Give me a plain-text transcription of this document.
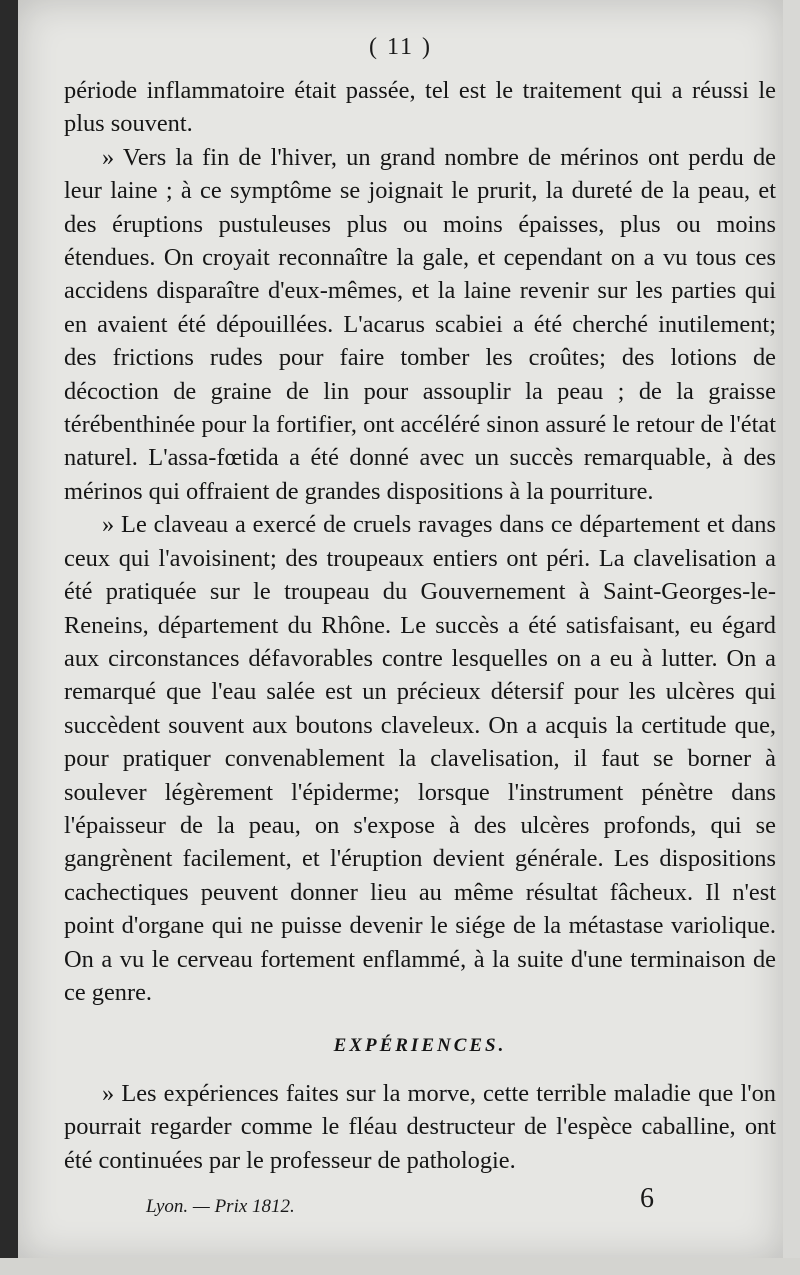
( 11 )

période inflammatoire était passée, tel est le traitement qui a réussi le plus souvent.

» Vers la fin de l'hiver, un grand nombre de mérinos ont perdu de leur laine ; à ce symptôme se joignait le prurit, la dureté de la peau, et des éruptions pustuleuses plus ou moins épaisses, plus ou moins étendues. On croyait reconnaître la gale, et cependant on a vu tous ces accidens disparaître d'eux-mêmes, et la laine revenir sur les parties qui en avaient été dépouillées. L'acarus scabiei a été cherché inutilement; des frictions rudes pour faire tomber les croûtes; des lotions de décoction de graine de lin pour assouplir la peau ; de la graisse térébenthinée pour la fortifier, ont accéléré sinon assuré le retour de l'état naturel. L'assa-fœtida a été donné avec un succès remarquable, à des mérinos qui offraient de grandes dispositions à la pourriture.

» Le claveau a exercé de cruels ravages dans ce département et dans ceux qui l'avoisinent; des troupeaux entiers ont péri. La clavelisation a été pratiquée sur le troupeau du Gouvernement à Saint-Georges-le-Reneins, département du Rhône. Le succès a été satisfaisant, eu égard aux circonstances défavorables contre lesquelles on a eu à lutter. On a remarqué que l'eau salée est un précieux détersif pour les ulcères qui succèdent souvent aux boutons claveleux. On a acquis la certitude que, pour pratiquer convenablement la clavelisation, il faut se borner à soulever légèrement l'épiderme; lorsque l'instrument pénètre dans l'épaisseur de la peau, on s'expose à des ulcères profonds, qui se gangrènent facilement, et l'éruption devient générale. Les dispositions cachectiques peuvent donner lieu au même résultat fâcheux. Il n'est point d'organe qui ne puisse devenir le siége de la métastase variolique. On a vu le cerveau fortement enflammé, à la suite d'une terminaison de ce genre.

EXPÉRIENCES.

» Les expériences faites sur la morve, cette terrible maladie que l'on pourrait regarder comme le fléau destructeur de l'espèce caballine, ont été continuées par le professeur de pathologie.

Lyon. — Prix 1812.	6
